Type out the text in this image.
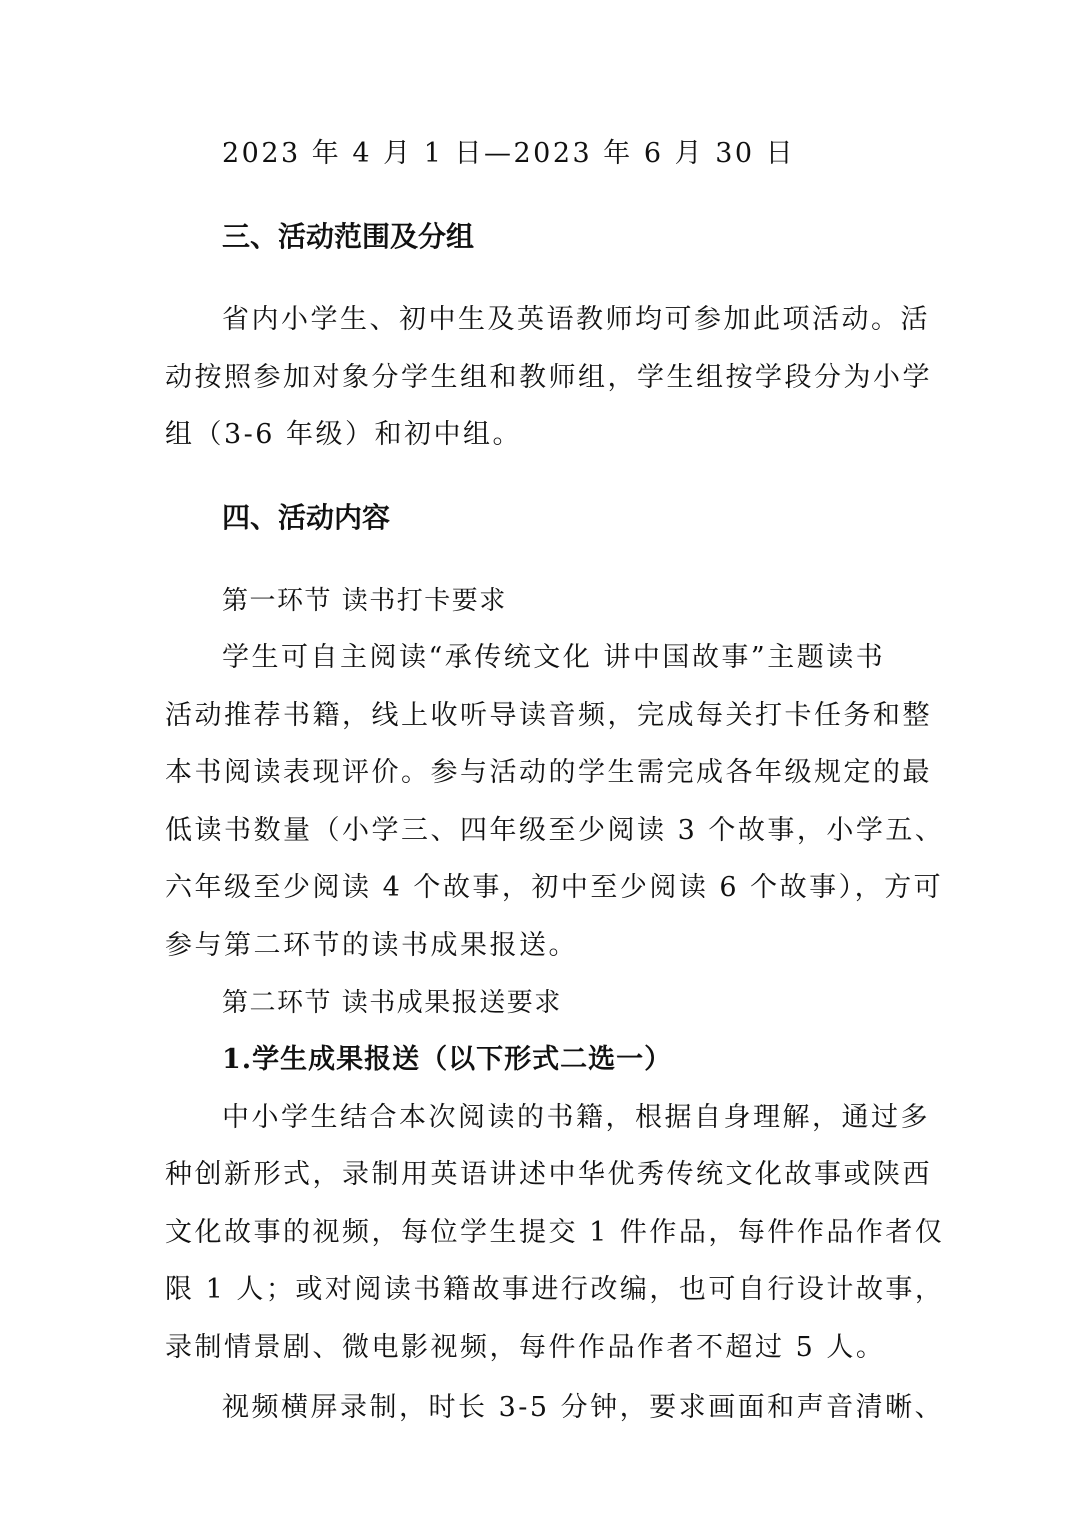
2023 年 4 月 1 日—2023 年 6 月 30 日

三、活动范围及分组

省内小学生、初中生及英语教师均可参加此项活动。活

动按照参加对象分学生组和教师组，学生组按学段分为小学

组（3-6 年级）和初中组。

四、活动内容

第一环节 读书打卡要求

学生可自主阅读“承传统文化 讲中国故事”主题读书

活动推荐书籍，线上收听导读音频，完成每关打卡任务和整

本书阅读表现评价。参与活动的学生需完成各年级规定的最

低读书数量（小学三、四年级至少阅读 3 个故事，小学五、

六年级至少阅读 4 个故事，初中至少阅读 6 个故事），方可

参与第二环节的读书成果报送。

第二环节 读书成果报送要求

1.学生成果报送（以下形式二选一）

中小学生结合本次阅读的书籍，根据自身理解，通过多

种创新形式，录制用英语讲述中华优秀传统文化故事或陕西

文化故事的视频，每位学生提交 1 件作品，每件作品作者仅

限 1 人；或对阅读书籍故事进行改编，也可自行设计故事，

录制情景剧、微电影视频，每件作品作者不超过 5 人。

视频横屏录制，时长 3-5 分钟，要求画面和声音清晰、
